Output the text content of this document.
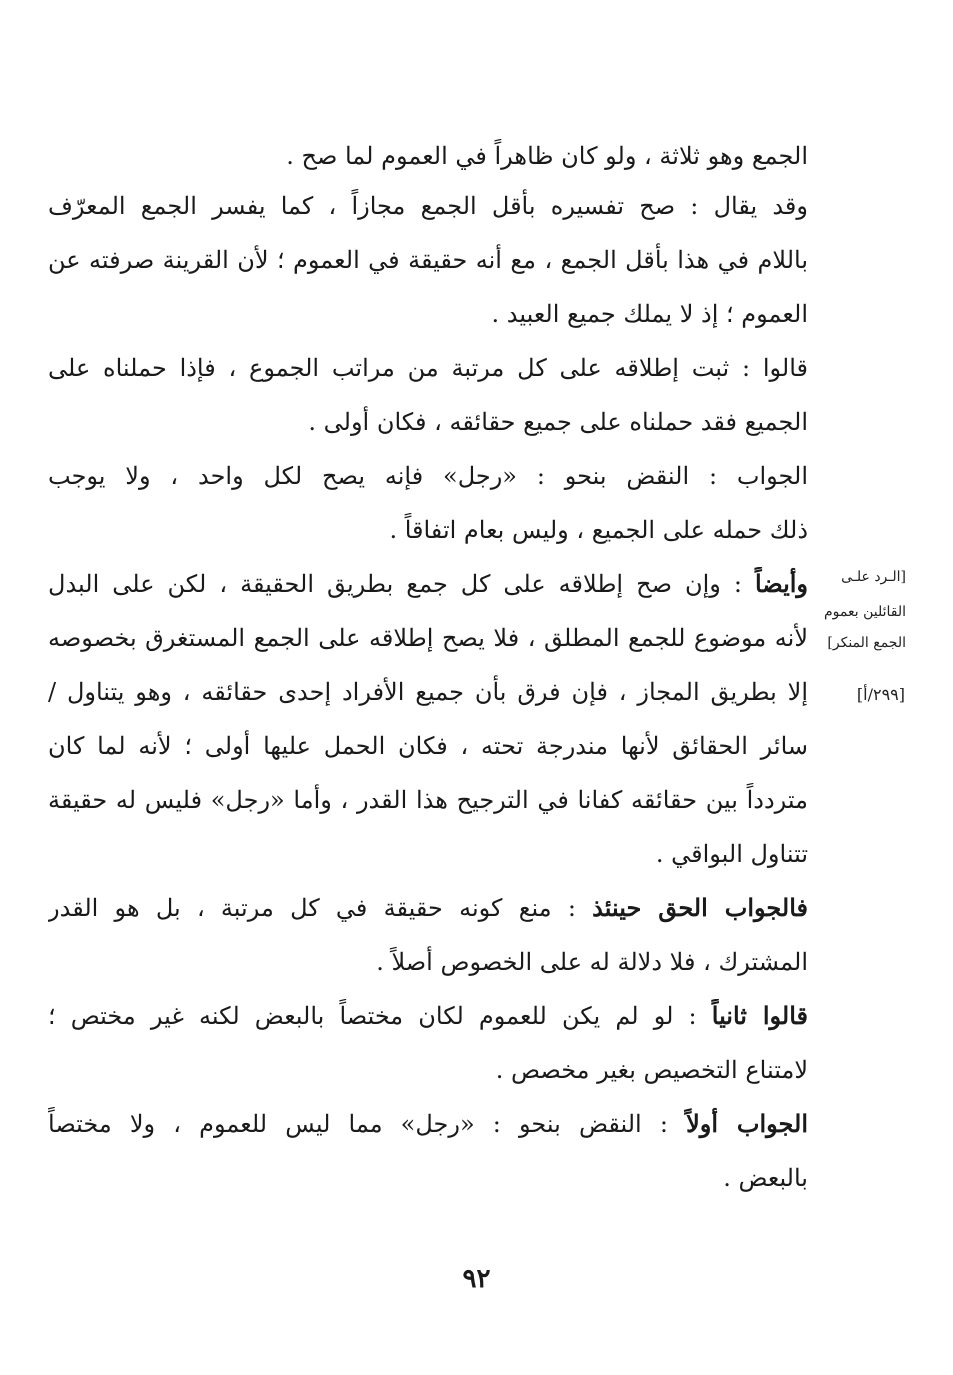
الجمع وهو ثلاثة ، ولو كان ظاهراً في العموم لما صح .
وقد يقال : صح تفسيره بأقل الجمع مجازاً ، كما يفسر الجمع المعرّف
باللام في هذا بأقل الجمع ، مع أنه حقيقة في العموم ؛ لأن القرينة صرفته عن
العموم ؛ إذ لا يملك جميع العبيد .
قالوا : ثبت إطلاقه على كل مرتبة من مراتب الجموع ، فإذا حملناه على
الجميع فقد حملناه على جميع حقائقه ، فكان أولى .
الجواب : النقض بنحو : «رجل» فإنه يصح لكل واحد ، ولا يوجب
ذلك حمله على الجميع ، وليس بعام اتفاقاً .
وأيضاً : وإن صح إطلاقه على كل جمع بطريق الحقيقة ، لكن على البدل
لأنه موضوع للجمع المطلق ، فلا يصح إطلاقه على الجمع المستغرق بخصوصه
إلا بطريق المجاز ، فإن فرق بأن جميع الأفراد إحدى حقائقه ، وهو يتناول /
سائر الحقائق لأنها مندرجة تحته ، فكان الحمل عليها أولى ؛ لأنه لما كان
متردداً بين حقائقه كفانا في الترجيح هذا القدر ، وأما «رجل» فليس له حقيقة
تتناول البواقي .
فالجواب الحق حينئذ : منع كونه حقيقة في كل مرتبة ، بل هو القدر
المشترك ، فلا دلالة له على الخصوص أصلاً .
قالوا ثانياً : لو لم يكن للعموم لكان مختصاً بالبعض لكنه غير مختص ؛
لامتناع التخصيص بغير مخصص .
الجواب أولاً : النقض بنحو : «رجل» مما ليس للعموم ، ولا مختصاً
بالبعض .
[الـرد علـى
القائلين بعموم
الجمع المنكر]
[٢٩٩/أ]
٩٢
